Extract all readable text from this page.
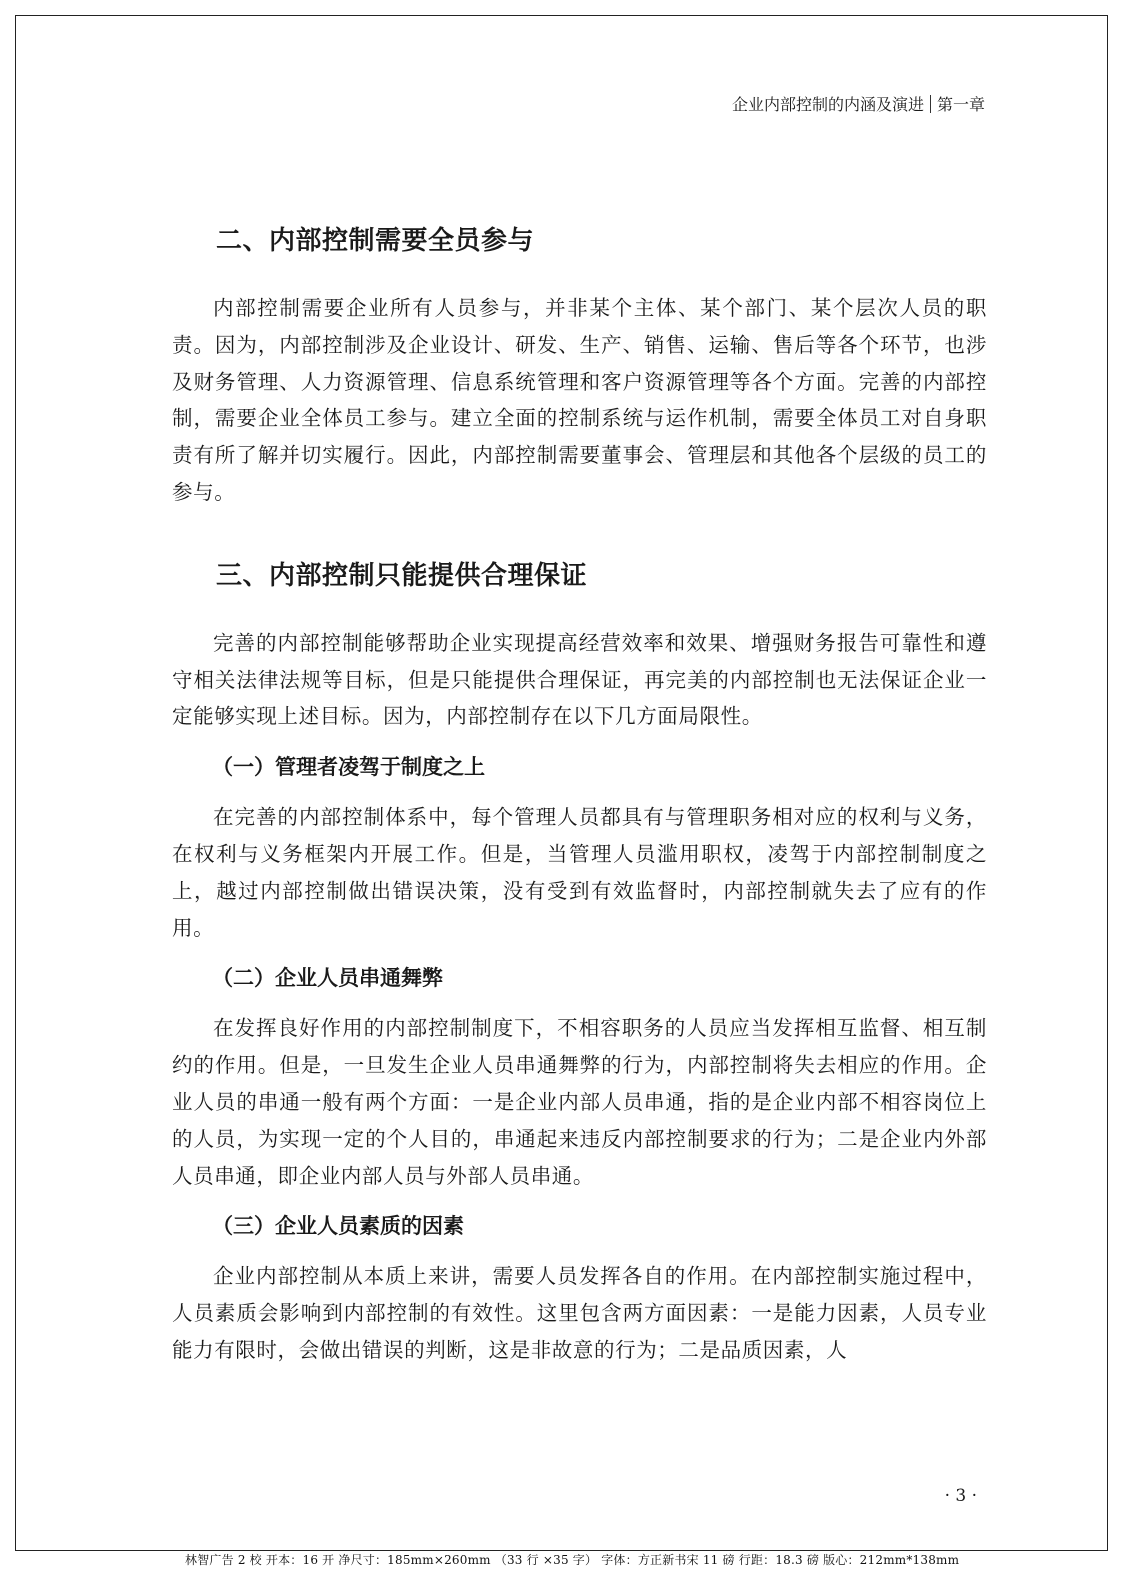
企业内部控制的内涵及演进 第一章
二、内部控制需要全员参与

内部控制需要企业所有人员参与，并非某个主体、某个部门、某个层次人员的职责。因为，内部控制涉及企业设计、研发、生产、销售、运输、售后等各个环节，也涉及财务管理、人力资源管理、信息系统管理和客户资源管理等各个方面。完善的内部控制，需要企业全体员工参与。建立全面的控制系统与运作机制，需要全体员工对自身职责有所了解并切实履行。因此，内部控制需要董事会、管理层和其他各个层级的员工的参与。

三、内部控制只能提供合理保证

完善的内部控制能够帮助企业实现提高经营效率和效果、增强财务报告可靠性和遵守相关法律法规等目标，但是只能提供合理保证，再完美的内部控制也无法保证企业一定能够实现上述目标。因为，内部控制存在以下几方面局限性。

（一）管理者凌驾于制度之上

在完善的内部控制体系中，每个管理人员都具有与管理职务相对应的权利与义务，在权利与义务框架内开展工作。但是，当管理人员滥用职权，凌驾于内部控制制度之上，越过内部控制做出错误决策，没有受到有效监督时，内部控制就失去了应有的作用。

（二）企业人员串通舞弊

在发挥良好作用的内部控制制度下，不相容职务的人员应当发挥相互监督、相互制约的作用。但是，一旦发生企业人员串通舞弊的行为，内部控制将失去相应的作用。企业人员的串通一般有两个方面：一是企业内部人员串通，指的是企业内部不相容岗位上的人员，为实现一定的个人目的，串通起来违反内部控制要求的行为；二是企业内外部人员串通，即企业内部人员与外部人员串通。

（三）企业人员素质的因素

企业内部控制从本质上来讲，需要人员发挥各自的作用。在内部控制实施过程中，人员素质会影响到内部控制的有效性。这里包含两方面因素：一是能力因素，人员专业能力有限时，会做出错误的判断，这是非故意的行为；二是品质因素，人

· 3 ·
林智广告 2 校 开本：16 开 净尺寸：185mm×260mm （33 行 ×35 字） 字体：方正新书宋 11 磅 行距：18.3 磅 版心：212mm*138mm
